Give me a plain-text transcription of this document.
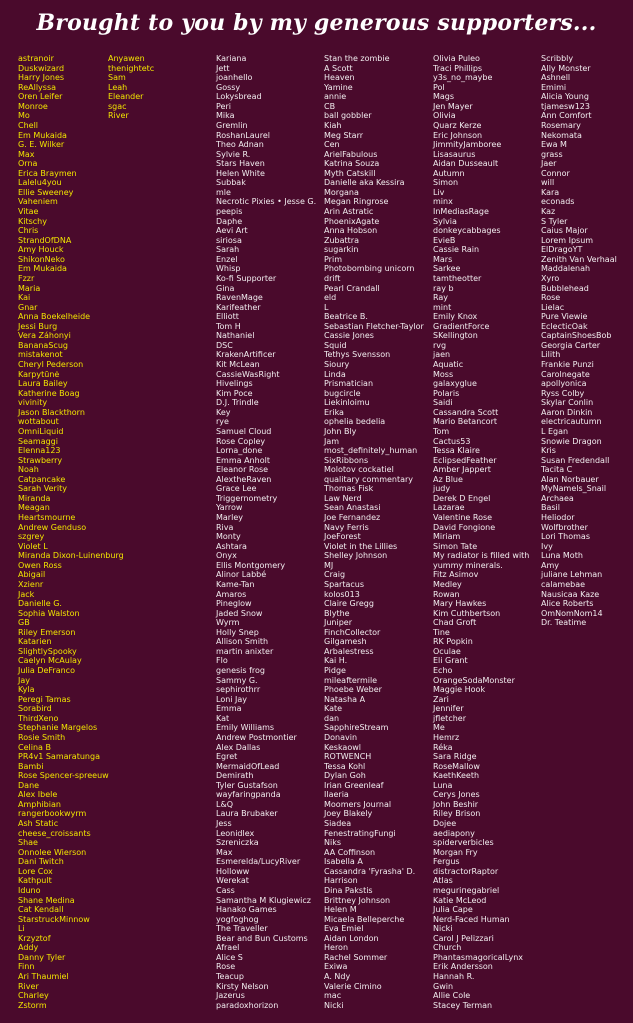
Brought to you by my generous supporters...
astranoir
Duskwizard
Harry Jones
ReAllyssa
Oren Leifer
Monroe
Mo
Chell
Em Mukaida
G. E. Wilker
Max
Orna
Erica Braymen
Lalelu4you
Ellie Sweeney
Vaheniem
Vitae
Kitschy
Chris
StrandOfDNA
Amy Houck
ShikonNeko
Em Mukaida
Fzzr
Maria
Kai
Gnar
Anna Boekelheide
Jessi Burg
Vera Záhonyi
BananaScug
mistakenot
Cheryl Pederson
Karpytūnė
Laura Bailey
Katherine Boag
vivinity
Jason Blackthorn
wottabout
OmniLiquid
Seamaggi
Elenna123
Strawberry
Noah
Catpancake
Sarah Verity
Miranda
Meagan
Heartsmourne
Andrew Genduso
szgrey
Violet L
Miranda Dixon-Luinenburg
Owen Ross
Abigail
Xzienr
Jack
Danielle G.
Sophia Walston
GB
Riley Emerson
Katarien
SlightlySpooky
Caelyn McAulay
Julia DeFranco
Jay
Kyla
Peregi Tamas
Sorabird
ThirdXeno
Stephanie Margelos
Rosie Smith
Celina B
PR4v1 Samaratunga
Bambi
Rose Spencer-spreeuw
Dane
Alex Ibele
Amphibian
rangerbookwyrm
Ash Static
cheese_croissants
Shae
Onnolee Wierson
Dani Twitch
Lore Cox
Kathpult
Iduno
Shane Medina
Cat Kendall
StarstruckMinnow
Li
Krzyztof
Addy
Danny Tyler
Finn
Ari Thaumiel
River
Charley
Zstorm
Anyawen
thenightetc
Sam
Leah
Eleander
sgac
River
Kariana
Jett
joanhello
Gossy
Lokysbread
Peri
Mika
Gremlin
RoshanLaurel
Theo Adnan
Sylvie R.
Stars Haven
Helen White
Subbak
mle
Necrotic Pixies • Jesse G.
peepis
Daphe
Aevi Art
siriosa
Sarah
Enzel
Whisp
Ko-fi Supporter
Gina
RavenMage
Karifeather
Elliott
Tom H
Nathaniel
DSC
KrakenArtificer
Kit McLean
CassieWasRight
Hivelings
Kim Poce
D.J. Trindle
Key
rye
Samuel Cloud
Rose Copley
Lorna_done
Emma Anholt
Eleanor Rose
AlexthеRaven
Grace Lee
Triggernometry
Yarrow
Marley
Riva
Monty
Ashtara
Onyx
Ellis Montgomery
Alinor Labbé
Kame-Tan
Amaros
Pineglow
Jaded Snow
Wyrm
Holly Snep
Allison Smith
martin anixter
Flo
genesis frog
Sammy G.
sephirothrr
Loni Jay
Emma
Kat
Emily Williams
Andrew Postmontier
Alex Dallas
Egret
MermaidOfLead
Demirath
Tyler Gustafson
wayfaringpanda
L&Q
Laura Brubaker
Jess
Leonidlex
Szreniczka
Max
Esmerelda/LucyRiver
Holloww
Werekat
Cass
Samantha M Klugiewicz
Hanako Games
yogfoghog
The Traveller
Bear and Bun Customs
Afrael
Alice S
Rose
Teacup
Kirsty Nelson
Jazerus
paradoxhorizon
Stan the zombie
A Scott
Heaven
Yamine
annie
CB
ball gobbler
Kiah
Meg Starr
Cen
ArielFabulous
Katrina Souza
Myth Catskill
Danielle aka Kessira
Morgana
Megan Ringrose
Arin Astratic
PhoenixAgate
Anna Hobson
Zubattra
sugarkin
Prim
Photobombing unicorn
drift
Pearl Crandall
eld
L
Beatrice B.
Sebastian Fletcher-Taylor
Cassie Jones
Squid
Tethys Svensson
Sioury
Linda
Prismatician
bugcircle
Liekinloimu
Erika
ophelia bedelia
John Bly
Jam
most_definitely_human
SixRibbons
Molotov cockatiel
qualitary commentary
Thomas Fisk
Law Nerd
Sean Anastasi
Joe Fernandez
Navy Ferris
JoeForest
Violet in the Lillies
Shelley Johnson
MJ
Craig
Spartacus
kolos013
Claire Gregg
Blythe
Juniper
FinchCollector
Gilgamesh
Arbalestress
Kai H.
Pidge
mileaftermile
Phoebe Weber
Natasha A
Kate
dan
SapphireStream
Donavin
Keskaowl
ROTWENCH
Tessa Kohl
Dylan Goh
Irian Greenleaf
Ilaeria
Moomers Journal
Joey Blakely
Siadea
FenestratingFungi
Niks
AA Coffinson
Isabella A
Cassandra 'Fyrasha' D.
Harrison
Dina Pakstis
Brittney Johnson
Helen M
Micaela Belleperche
Eva Emiel
Aidan London
Heron
Rachel Sommer
Exiwa
A. Ndy
Valerie Cimino
mac
Nicki
Olivia Puleo
Traci Phillips
y3s_no_maybe
Pol
Mags
Jen Mayer
Olivia
Quarz Kerze
Eric Johnson
JimmityJamboree
Lisasaurus
Aidan Dusseault
Autumn
Simon
Liv
minx
InMediasRage
Sylvia
donkeycabbages
EvieB
Cassie Rain
Mars
Sarkee
tamtheotter
ray b
Ray
mint
Emily Knox
GradientForce
SKellington
rvg
jaen
Aquatic
Moss
galaxyglue
Polaris
Saidi
Cassandra Scott
Mario Betancort
Tom
Cactus53
Tessa Klaire
EclipsedFeather
Amber Jappert
Az Blue
judy
Derek D Engel
Lazarae
Valentine Rose
David Fongione
Miriam
Simon Tate
My radiator is filled with
yummy minerals.
Fitz Asimov
Medley
Rowan
Mary Hawkes
Kim Cuthbertson
Chad Groft
Tine
RK Popkin
Oculae
Eli Grant
Echo
OrangeSodaMonster
Maggie Hook
Zari
Jennifer
jfletcher
Me
Hemrz
Réka
Sara Ridge
RoseMallow
KaethKeeth
Luna
Cerys Jones
John Beshir
Riley Brison
Dojee
aediapony
spiderverbicles
Morgan Fry
Fergus
distractorRaptor
Atlas
meguriпegabriel
Katie McLeod
Julia Cape
Nerd-Faced Human
Nicki
Carol J Pelizzari
Church
PhantasmagoricalLynx
Erik Andersson
Hannah R.
Gwin
Allie Cole
Stacey Terman
Scribbly
Ally Monster
Ashnell
Emimi
Alicia Young
tjamesw123
Ann Comfort
Rosemary
Nekomata
Ewa M
grass
Jaer
Connor
will
Kara
econads
Kaz
S Tyler
Caius Major
Lorem Ipsum
ElDragoYT
Zenith Van Verhaal
Maddalenah
Xyro
Bubblehead
Rose
Lielac
Pure Viewie
EclecticOak
CaptainShoesBob
Georgia Carter
Lilith
Frankie Punzi
Carolnegate
apollyonica
Ryss Colby
Skylar Conlin
Aaron Dinkin
electricautumn
L Egan
Snowie Dragon
Kris
Susan Fredendall
Tacita C
Alan Norbauer
MyNamels_Snail
Archaea
Basil
Heliodor
Wolfbrother
Lori Thomas
Ivy
Luna Moth
Amy
juliane Lehman
calamebae
Nausicaa Kaze
Alice Roberts
OmNomNom14
Dr. Teatime
